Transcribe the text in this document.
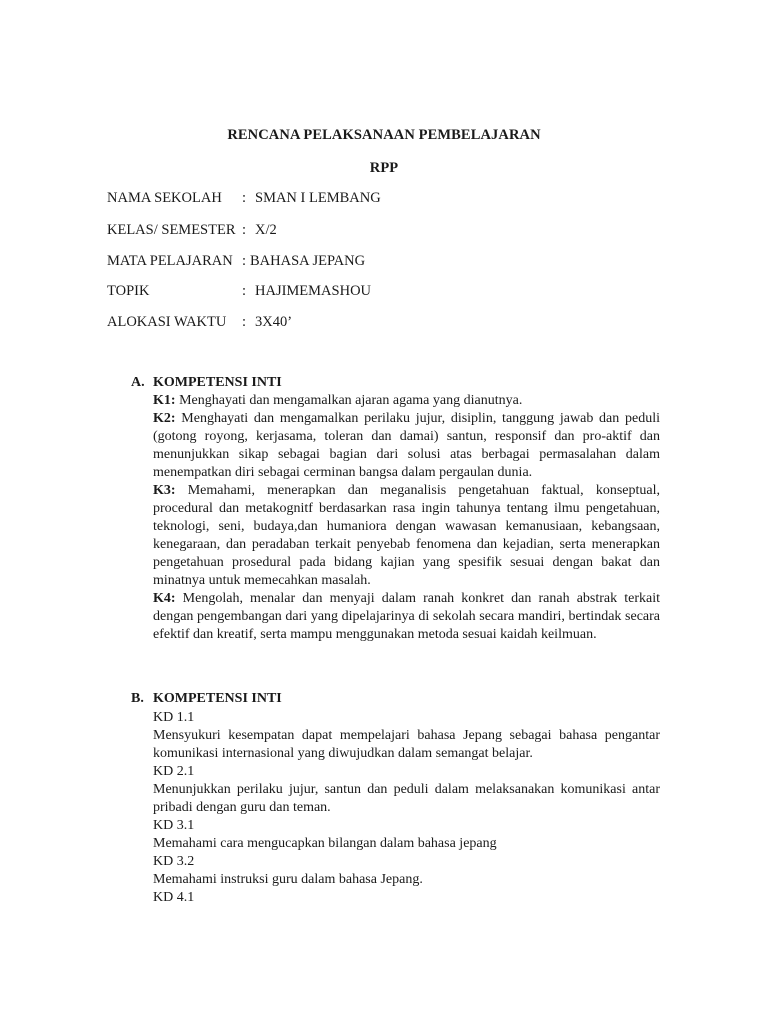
RENCANA PELAKSANAAN PEMBELAJARAN
RPP
NAMA SEKOLAH : SMAN I LEMBANG
KELAS/ SEMESTER : X/2
MATA PELAJARAN : BAHASA JEPANG
TOPIK	: HAJIMEMASHOU
ALOKASI WAKTU : 3X40’
A. KOMPETENSI INTI

K1: Menghayati dan mengamalkan ajaran agama yang dianutnya.

K2: Menghayati dan mengamalkan perilaku jujur, disiplin, tanggung jawab dan peduli (gotong royong, kerjasama, toleran dan damai) santun, responsif dan pro-aktif dan menunjukkan sikap sebagai bagian dari solusi atas berbagai permasalahan dalam menempatkan diri sebagai cerminan bangsa dalam pergaulan dunia.

K3: Memahami, menerapkan dan meganalisis pengetahuan faktual, konseptual, procedural dan metakognitf berdasarkan rasa ingin tahunya tentang ilmu pengetahuan, teknologi, seni, budaya,dan humaniora dengan wawasan kemanusiaan, kebangsaan, kenegaraan, dan peradaban terkait penyebab fenomena dan kejadian, serta menerapkan pengetahuan prosedural pada bidang kajian yang spesifik sesuai dengan bakat dan minatnya untuk memecahkan masalah.

K4: Mengolah, menalar dan menyaji dalam ranah konkret dan ranah abstrak terkait dengan pengembangan dari yang dipelajarinya di sekolah secara mandiri, bertindak secara efektif dan kreatif, serta mampu menggunakan metoda sesuai kaidah keilmuan.

B. KOMPETENSI INTI

KD 1.1

Mensyukuri kesempatan dapat mempelajari bahasa Jepang sebagai bahasa pengantar komunikasi internasional yang diwujudkan dalam semangat belajar.

KD 2.1

Menunjukkan perilaku jujur, santun dan peduli dalam melaksanakan komunikasi antar pribadi dengan guru dan teman.

KD 3.1

Memahami cara mengucapkan bilangan dalam bahasa jepang

KD 3.2

Memahami instruksi guru dalam bahasa Jepang.

KD 4.1
